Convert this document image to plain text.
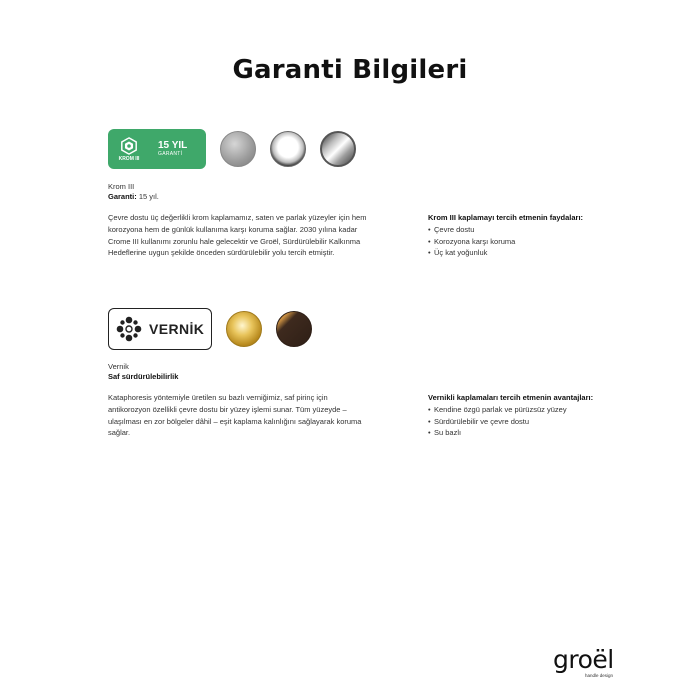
Garanti Bilgileri
KROM III
15 YIL
GARANTİ
Krom III
Garanti: 15 yıl.
Çevre dostu üç değerlikli krom kaplamamız, saten ve parlak yüzeyler için hem korozyona hem de günlük kullanıma karşı koruma sağlar. 2030 yılına kadar Crome III kullanımı zorunlu hale gelecektir ve Groël, Sürdürülebilir Kalkınma Hedeflerine uygun şekilde önceden sürdürülebilir yolu tercih etmiştir.
Krom III kaplamayı tercih etmenin faydaları:
• Çevre dostu
• Korozyona karşı koruma
• Üç kat yoğunluk
VERNİK
Vernik
Saf sürdürülebilirlik
Kataphoresis yöntemiyle üretilen su bazlı verniğimiz, saf pirinç için antikorozyon özellikli çevre dostu bir yüzey işlemi sunar. Tüm yüzeyde – ulaşılması en zor bölgeler dâhil – eşit kaplama kalınlığını sağlayarak koruma sağlar.
Vernikli kaplamaları tercih etmenin avantajları:
• Kendine özgü parlak ve pürüzsüz yüzey
• Sürdürülebilir ve çevre dostu
• Su bazlı
groël
handle design
